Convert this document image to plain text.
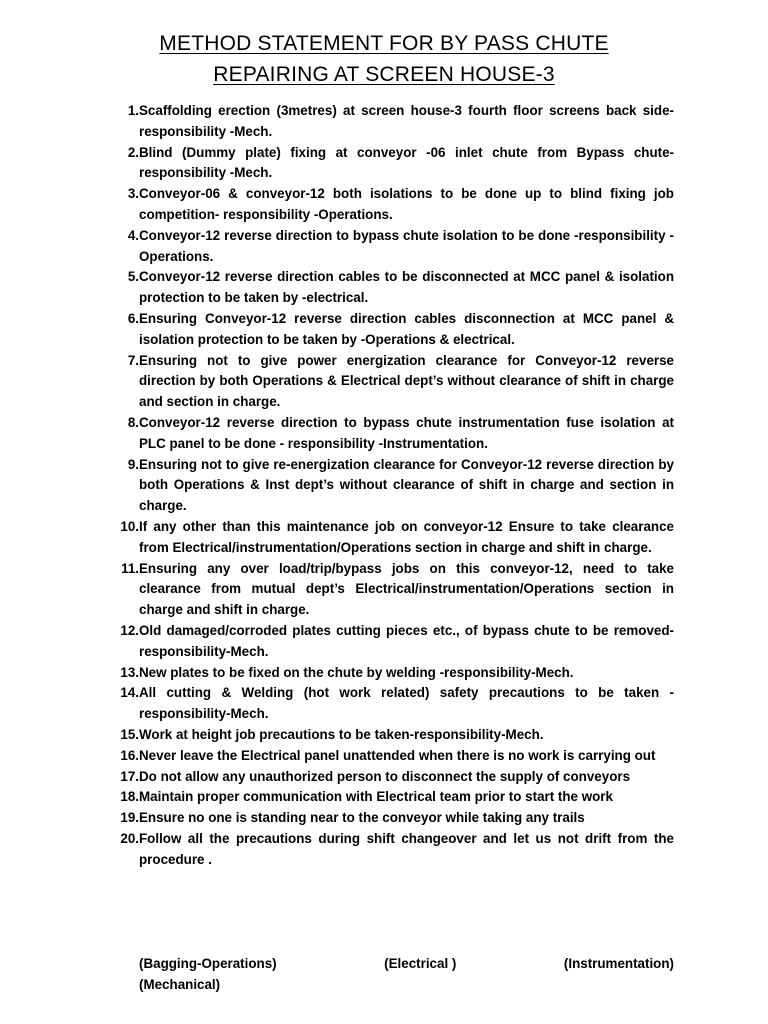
METHOD STATEMENT FOR BY PASS CHUTE
REPAIRING AT SCREEN HOUSE-3
1. Scaffolding erection (3metres) at screen house-3 fourth floor screens back side-responsibility -Mech.
2. Blind (Dummy plate) fixing at conveyor -06 inlet chute from Bypass chute-responsibility -Mech.
3. Conveyor-06 & conveyor-12 both isolations to be done up to blind fixing job competition- responsibility -Operations.
4. Conveyor-12 reverse direction to bypass chute isolation to be done -responsibility -Operations.
5. Conveyor-12 reverse direction cables to be disconnected at MCC panel & isolation protection to be taken by -electrical.
6. Ensuring Conveyor-12 reverse direction cables disconnection at MCC panel & isolation protection to be taken by -Operations & electrical.
7. Ensuring not to give power energization clearance for Conveyor-12 reverse direction by both Operations & Electrical dept’s without clearance of shift in charge and section in charge.
8. Conveyor-12 reverse direction to bypass chute instrumentation fuse isolation at PLC panel to be done - responsibility -Instrumentation.
9. Ensuring not to give re-energization clearance for Conveyor-12 reverse direction by both Operations & Inst dept’s without clearance of shift in charge and section in charge.
10. If any other than this maintenance job on conveyor-12 Ensure to take clearance from Electrical/instrumentation/Operations section in charge and shift in charge.
11. Ensuring any over load/trip/bypass jobs on this conveyor-12, need to take clearance from mutual dept’s Electrical/instrumentation/Operations section in charge and shift in charge.
12. Old damaged/corroded plates cutting pieces etc., of bypass chute to be removed-responsibility-Mech.
13. New plates to be fixed on the chute by welding -responsibility-Mech.
14. All cutting & Welding (hot work related) safety precautions to be taken -responsibility-Mech.
15. Work at height job precautions to be taken-responsibility-Mech.
16. Never leave the Electrical panel unattended when there is no work is carrying out
17. Do not allow any unauthorized person to disconnect the supply of conveyors
18. Maintain proper communication with Electrical team prior to start the work
19. Ensure no one is standing near to the conveyor while taking any trails
20. Follow all the precautions during shift changeover and let us not drift from the procedure .
(Bagging-Operations)	(Electrical )	(Instrumentation)
(Mechanical)
